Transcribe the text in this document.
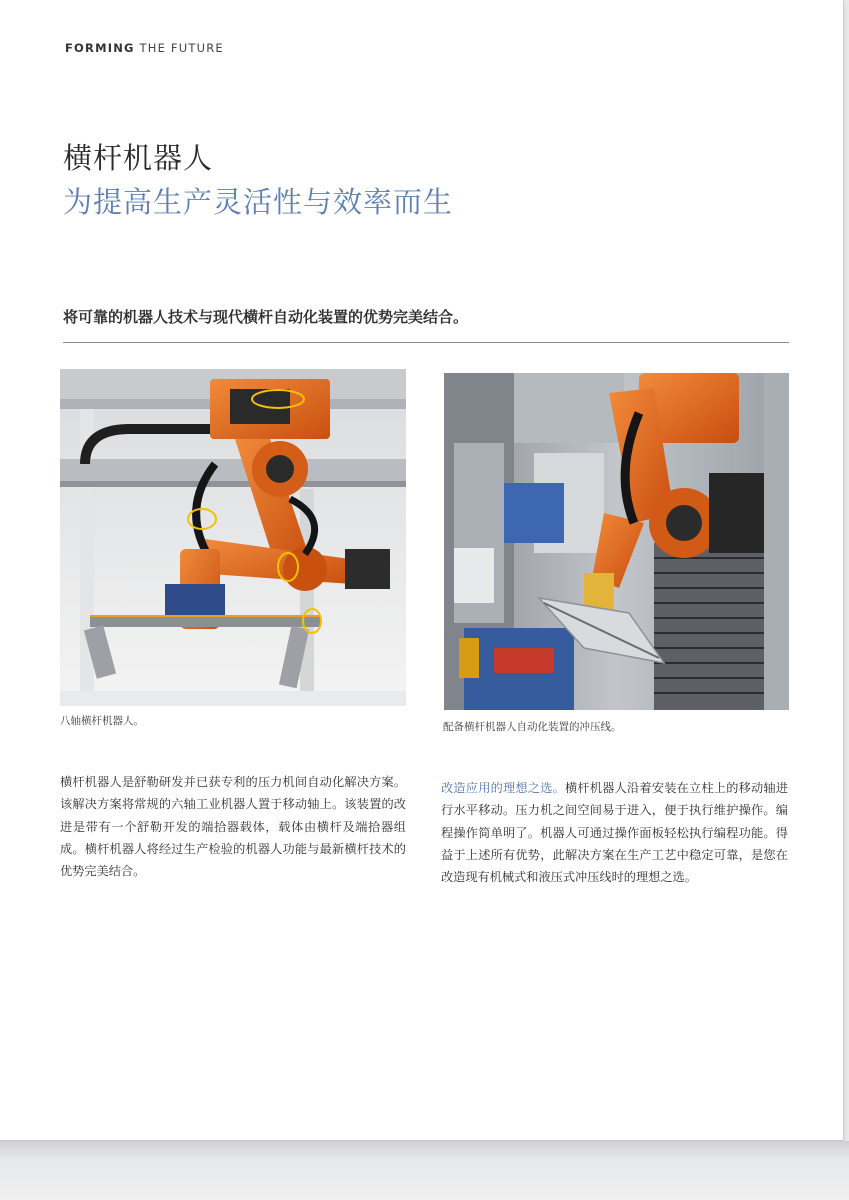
FORMING THE FUTURE
横杆机器人
为提高生产灵活性与效率而生

将可靠的机器人技术与现代横杆自动化装置的优势完美结合。

八轴横杆机器人。	配备横杆机器人自动化装置的冲压线。

横杆机器人是舒勒研发并已获专利的压力机间自动化解决方案。该解决方案将常规的六轴工业机器人置于移动轴上。该装置的改进是带有一个舒勒开发的端拾器载体，载体由横杆及端拾器组成。横杆机器人将经过生产检验的机器人功能与最新横杆技术的优势完美结合。

改造应用的理想之选。横杆机器人沿着安装在立柱上的移动轴进行水平移动。压力机之间空间易于进入，便于执行维护操作。编程操作简单明了。机器人可通过操作面板轻松执行编程功能。得益于上述所有优势，此解决方案在生产工艺中稳定可靠，是您在改造现有机械式和液压式冲压线时的理想之选。
